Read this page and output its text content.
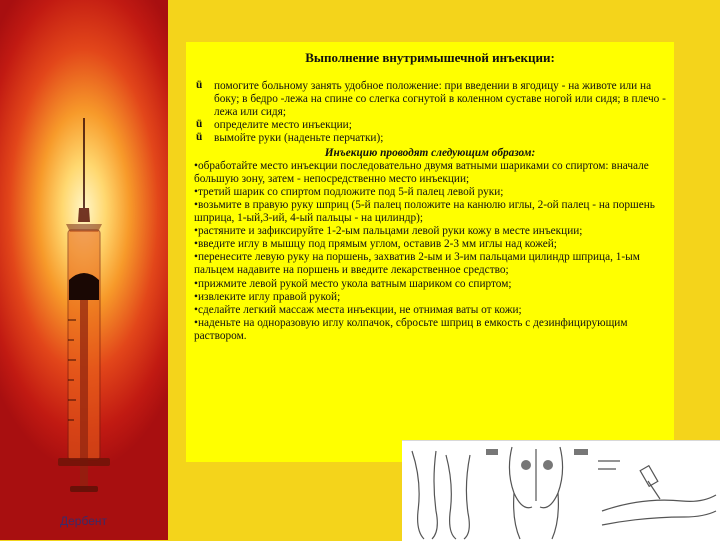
Дербент
Выполнение внутримышечной инъекции:
ü помогите больному занять удобное положение: при введении в ягодицу - на животе или на боку; в бедро -лежа на спине со слегка согнутой в коленном суставе ногой или сидя; в плечо - лежа или сидя;
ü определите место инъекции;
ü вымойте руки (наденьте перчатки);
Инъекцию проводят следующим образом:

•обработайте место инъекции последовательно двумя ватными шариками со спиртом: вначале большую зону, затем - непосредственно место инъекции;

•третий шарик со спиртом подложите под 5-й палец левой руки;

•возьмите в правую руку шприц (5-й палец положите на канюлю иглы, 2-ой палец - на поршень шприца, 1-ый,3-ий, 4-ый пальцы - на цилиндр);

•растяните и зафиксируйте 1-2-ым пальцами левой руки кожу в месте инъекции;

•введите иглу в мышцу под прямым углом, оставив 2-3 мм иглы над кожей;

•перенесите левую руку на поршень, захватив 2-ым и 3-им пальцами цилиндр шприца, 1-ым пальцем надавите на поршень и введите лекарственное средство;

•прижмите левой рукой место укола ватным шариком со спиртом;

•извлеките иглу правой рукой;

•сделайте легкий массаж места инъекции, не отнимая ваты от кожи;

•наденьте на одноразовую иглу колпачок, сбросьте шприц в емкость с дезинфицирующим раствором.
